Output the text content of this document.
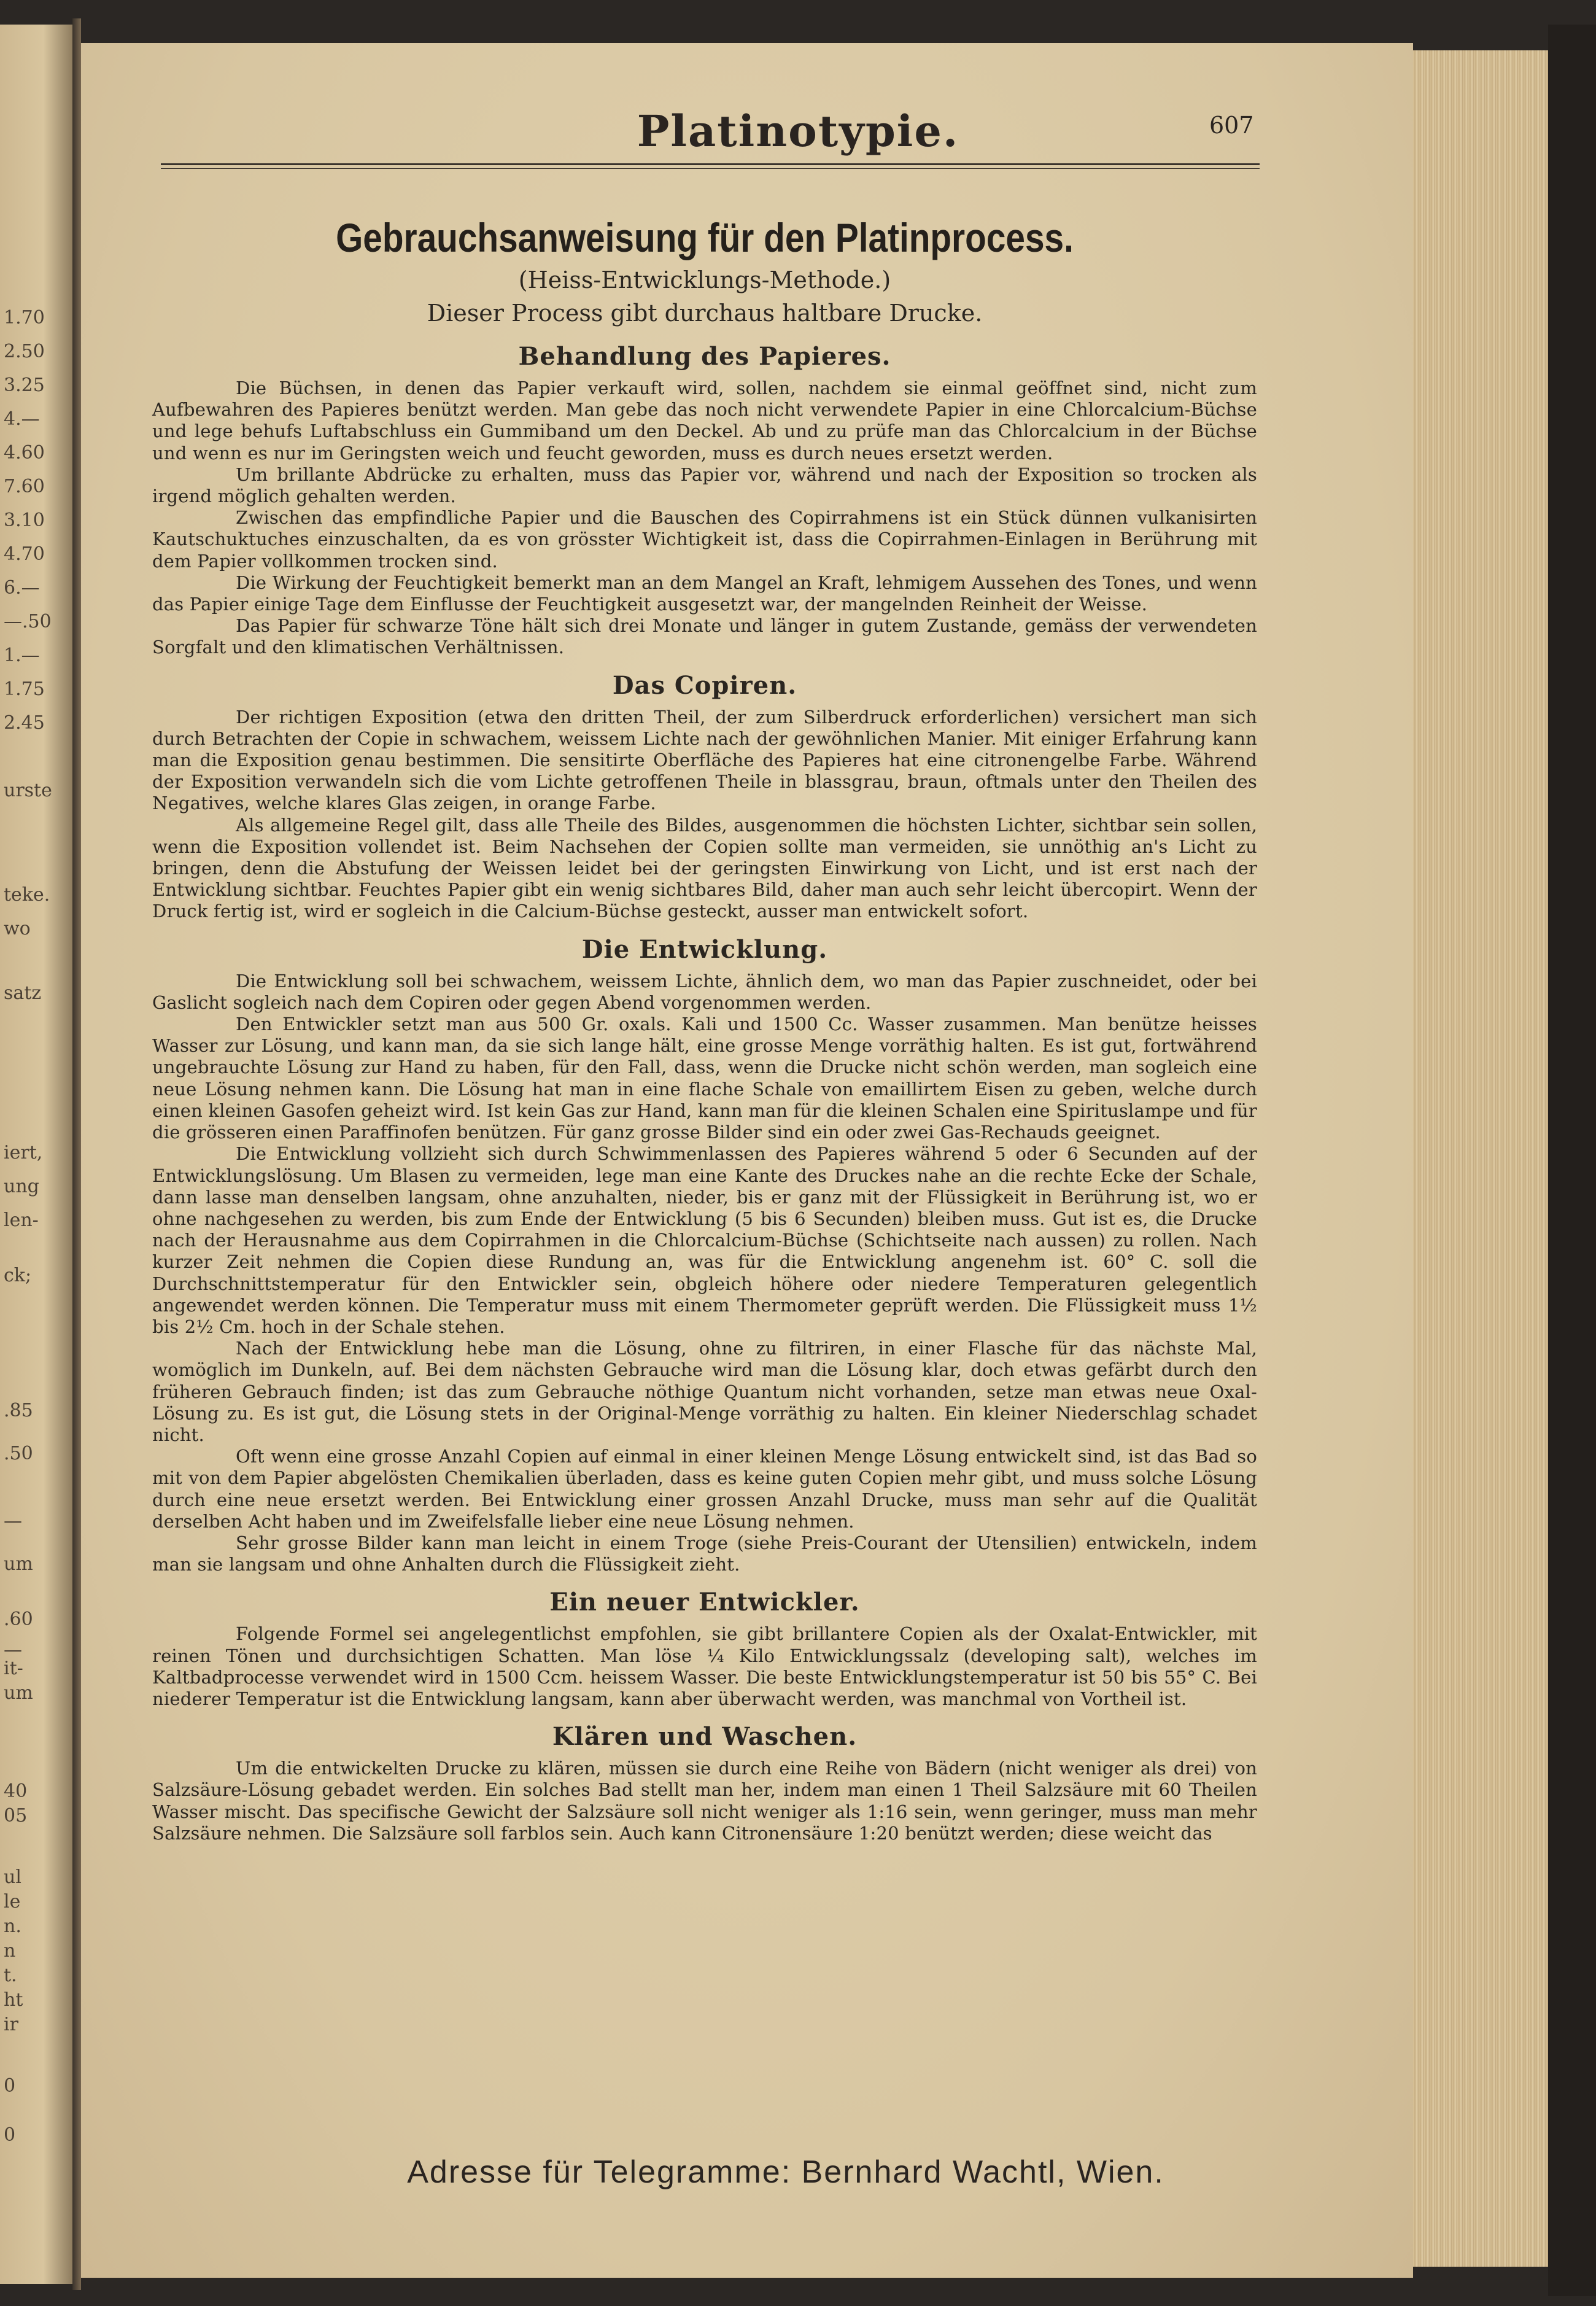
1.70
2.50
3.25
4.—
4.60
7.60
3.10
4.70
6.—
—.50
1.—
1.75
2.45
urste
teke.
wo
satz
iert,
ung
len-
ck;
.85
.50
—
um
.60
—
it-
um
40
05
ul
le
n.
n
t.
ht
ir
0
0
Platinotypie.	607
Gebrauchsanweisung für den Platinprocess.

(Heiss-Entwicklungs-Methode.)

Dieser Process gibt durchaus haltbare Drucke.

Behandlung des Papieres.

Die Büchsen, in denen das Papier verkauft wird, sollen, nachdem sie einmal geöffnet sind, nicht zum Aufbewahren des Papieres benützt werden. Man gebe das noch nicht verwendete Papier in eine Chlorcalcium-Büchse und lege behufs Luftabschluss ein Gummiband um den Deckel. Ab und zu prüfe man das Chlorcalcium in der Büchse und wenn es nur im Geringsten weich und feucht geworden, muss es durch neues ersetzt werden.

Um brillante Abdrücke zu erhalten, muss das Papier vor, während und nach der Exposition so trocken als irgend möglich gehalten werden.

Zwischen das empfindliche Papier und die Bauschen des Copirrahmens ist ein Stück dünnen vulkanisirten Kautschuktuches einzuschalten, da es von grösster Wichtigkeit ist, dass die Copirrahmen-Einlagen in Berührung mit dem Papier vollkommen trocken sind.

Die Wirkung der Feuchtigkeit bemerkt man an dem Mangel an Kraft, lehmigem Aussehen des Tones, und wenn das Papier einige Tage dem Einflusse der Feuchtigkeit ausgesetzt war, der mangelnden Reinheit der Weisse.

Das Papier für schwarze Töne hält sich drei Monate und länger in gutem Zustande, gemäss der verwendeten Sorgfalt und den klimatischen Verhältnissen.

Das Copiren.

Der richtigen Exposition (etwa den dritten Theil, der zum Silberdruck erforderlichen) versichert man sich durch Betrachten der Copie in schwachem, weissem Lichte nach der gewöhnlichen Manier. Mit einiger Erfahrung kann man die Exposition genau bestimmen. Die sensitirte Oberfläche des Papieres hat eine citronengelbe Farbe. Während der Exposition verwandeln sich die vom Lichte getroffenen Theile in blassgrau, braun, oftmals unter den Theilen des Negatives, welche klares Glas zeigen, in orange Farbe.

Als allgemeine Regel gilt, dass alle Theile des Bildes, ausgenommen die höchsten Lichter, sichtbar sein sollen, wenn die Exposition vollendet ist. Beim Nachsehen der Copien sollte man vermeiden, sie unnöthig an's Licht zu bringen, denn die Abstufung der Weissen leidet bei der geringsten Einwirkung von Licht, und ist erst nach der Entwicklung sichtbar. Feuchtes Papier gibt ein wenig sichtbares Bild, daher man auch sehr leicht übercopirt. Wenn der Druck fertig ist, wird er sogleich in die Calcium-Büchse gesteckt, ausser man entwickelt sofort.

Die Entwicklung.

Die Entwicklung soll bei schwachem, weissem Lichte, ähnlich dem, wo man das Papier zuschneidet, oder bei Gaslicht sogleich nach dem Copiren oder gegen Abend vorgenommen werden.

Den Entwickler setzt man aus 500 Gr. oxals. Kali und 1500 Cc. Wasser zusammen. Man benütze heisses Wasser zur Lösung, und kann man, da sie sich lange hält, eine grosse Menge vorräthig halten. Es ist gut, fortwährend ungebrauchte Lösung zur Hand zu haben, für den Fall, dass, wenn die Drucke nicht schön werden, man sogleich eine neue Lösung nehmen kann. Die Lösung hat man in eine flache Schale von emaillirtem Eisen zu geben, welche durch einen kleinen Gasofen geheizt wird. Ist kein Gas zur Hand, kann man für die kleinen Schalen eine Spirituslampe und für die grösseren einen Paraffinofen benützen. Für ganz grosse Bilder sind ein oder zwei Gas-Rechauds geeignet.

Die Entwicklung vollzieht sich durch Schwimmenlassen des Papieres während 5 oder 6 Secunden auf der Entwicklungslösung. Um Blasen zu vermeiden, lege man eine Kante des Druckes nahe an die rechte Ecke der Schale, dann lasse man denselben langsam, ohne anzuhalten, nieder, bis er ganz mit der Flüssigkeit in Berührung ist, wo er ohne nachgesehen zu werden, bis zum Ende der Entwicklung (5 bis 6 Secunden) bleiben muss. Gut ist es, die Drucke nach der Herausnahme aus dem Copirrahmen in die Chlorcalcium-Büchse (Schichtseite nach aussen) zu rollen. Nach kurzer Zeit nehmen die Copien diese Rundung an, was für die Entwicklung angenehm ist. 60° C. soll die Durchschnittstemperatur für den Entwickler sein, obgleich höhere oder niedere Temperaturen gelegentlich angewendet werden können. Die Temperatur muss mit einem Thermometer geprüft werden. Die Flüssigkeit muss 1½ bis 2½ Cm. hoch in der Schale stehen.

Nach der Entwicklung hebe man die Lösung, ohne zu filtriren, in einer Flasche für das nächste Mal, womöglich im Dunkeln, auf. Bei dem nächsten Gebrauche wird man die Lösung klar, doch etwas gefärbt durch den früheren Gebrauch finden; ist das zum Gebrauche nöthige Quantum nicht vorhanden, setze man etwas neue Oxal-Lösung zu. Es ist gut, die Lösung stets in der Original-Menge vorräthig zu halten. Ein kleiner Niederschlag schadet nicht.

Oft wenn eine grosse Anzahl Copien auf einmal in einer kleinen Menge Lösung entwickelt sind, ist das Bad so mit von dem Papier abgelösten Chemikalien überladen, dass es keine guten Copien mehr gibt, und muss solche Lösung durch eine neue ersetzt werden. Bei Entwicklung einer grossen Anzahl Drucke, muss man sehr auf die Qualität derselben Acht haben und im Zweifelsfalle lieber eine neue Lösung nehmen.

Sehr grosse Bilder kann man leicht in einem Troge (siehe Preis-Courant der Utensilien) entwickeln, indem man sie langsam und ohne Anhalten durch die Flüssigkeit zieht.

Ein neuer Entwickler.

Folgende Formel sei angelegentlichst empfohlen, sie gibt brillantere Copien als der Oxalat-Entwickler, mit reinen Tönen und durchsichtigen Schatten. Man löse ¼ Kilo Entwicklungssalz (developing salt), welches im Kaltbadprocesse verwendet wird in 1500 Ccm. heissem Wasser. Die beste Entwicklungstemperatur ist 50 bis 55° C. Bei niederer Temperatur ist die Entwicklung langsam, kann aber überwacht werden, was manchmal von Vortheil ist.

Klären und Waschen.

Um die entwickelten Drucke zu klären, müssen sie durch eine Reihe von Bädern (nicht weniger als drei) von Salzsäure-Lösung gebadet werden. Ein solches Bad stellt man her, indem man einen 1 Theil Salzsäure mit 60 Theilen Wasser mischt. Das specifische Gewicht der Salzsäure soll nicht weniger als 1:16 sein, wenn geringer, muss man mehr Salzsäure nehmen. Die Salzsäure soll farblos sein. Auch kann Citronensäure 1:20 benützt werden; diese weicht das

Adresse für Telegramme: Bernhard Wachtl, Wien.
